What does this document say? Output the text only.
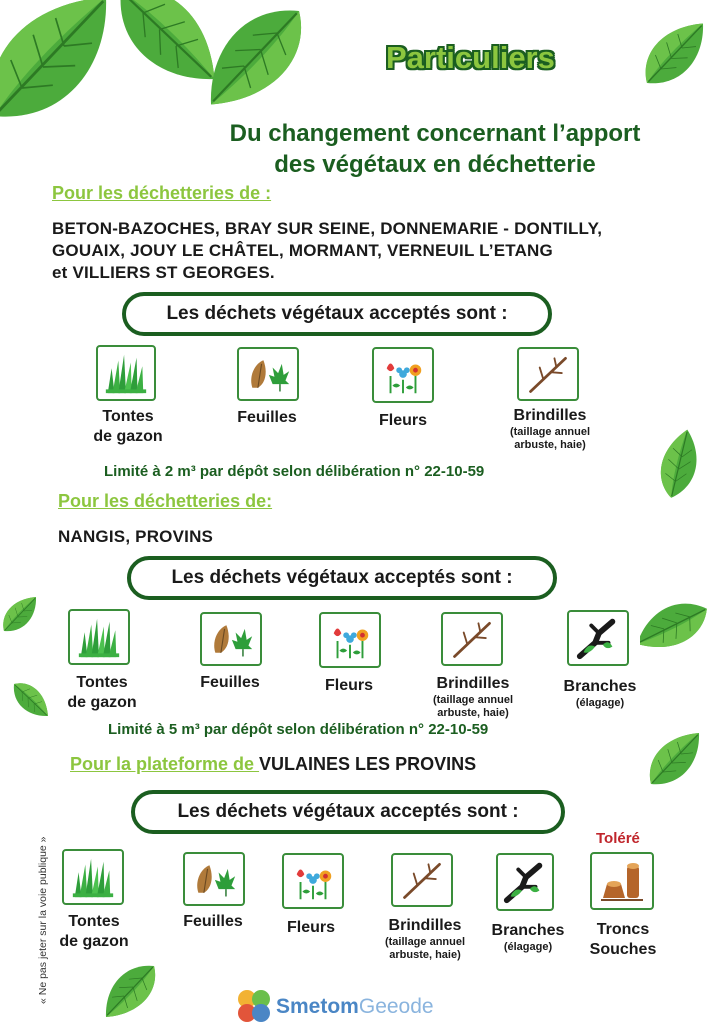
Particuliers
Du changement concernant l’apport
des végétaux en déchetterie
Pour les déchetteries de :
BETON-BAZOCHES, BRAY SUR SEINE, DONNEMARIE - DONTILLY,
GOUAIX, JOUY LE CHÂTEL, MORMANT, VERNEUIL L’ETANG
et VILLIERS ST GEORGES.
Les déchets végétaux acceptés sont :
Tontes
de gazon
Feuilles	Fleurs	Brindilles
(taillage annuel
arbuste, haie)
Limité à 2 m³ par dépôt selon délibération n° 22-10-59
Pour les déchetteries de:
NANGIS, PROVINS
Les déchets végétaux acceptés sont :
Tontes
de gazon
Feuilles	Fleurs	Brindilles
(taillage annuel
arbuste, haie)
Branches
(élagage)
Limité à 5 m³ par dépôt selon délibération n° 22-10-59
Pour la plateforme de VULAINES LES PROVINS
Les déchets végétaux acceptés sont :
Toléré
Tontes
de gazon
Feuilles	Fleurs	Brindilles
(taillage annuel
arbuste, haie)
Branches
(élagage)
Troncs
Souches
« Ne pas jeter sur la voie publique »
SmetomGeeode
